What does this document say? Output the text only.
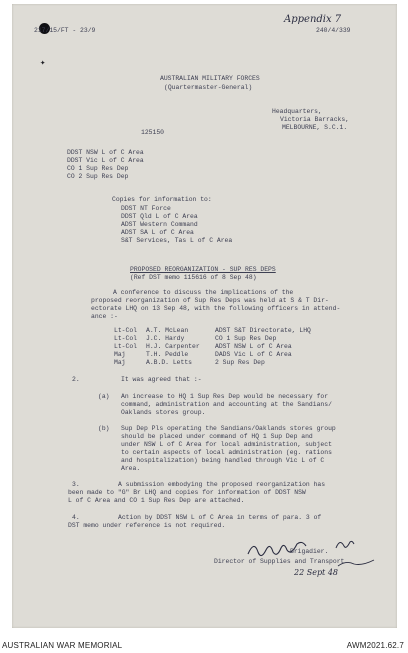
✦
Appendix 7
217/15/FT - 23/9	240/4/339
AUSTRALIAN MILITARY FORCES
(Quartermaster-General)
Headquarters,
Victoria Barracks,
MELBOURNE, S.C.1.
125150
DDST NSW L of C Area
DDST Vic L of C Area
CO 1 Sup Res Dep
CO 2 Sup Res Dep
Copies for information to:
DDST NT Force
DDST Qld L of C Area
ADST Western Command
ADST SA L of C Area
S&T Services, Tas L of C Area
PROPOSED REORGANIZATION - SUP RES DEPS
(Ref DST memo 115616 of 8 Sep 48)
A conference to discuss the implications of the
proposed reorganization of Sup Res Deps was held at S & T Dir-
ectorate LHQ on 13 Sep 48, with the following officers in attend-
ance :-
Lt-Col A.T. McLean	ADST S&T Directorate, LHQ
Lt-Col J.C. Hardy	CO 1 Sup Res Dep
Lt-Col H.J. Carpenter ADST NSW L of C Area
Maj	T.H. Peddle	DADS Vic L of C Area
Maj	A.B.D. Letts	2 Sup Res Dep
2.	It was agreed that :-
(a) An increase to HQ 1 Sup Res Dep would be necessary for
command, administration and accounting at the Sandians/
Oaklands stores group.
(b) Sup Dep Pls operating the Sandians/Oaklands stores group
should be placed under command of HQ 1 Sup Dep and
under NSW L of C Area for local administration, subject
to certain aspects of local administration (eg. rations
and hospitalization) being handled through Vic L of C
Area.
3.	A submission embodying the proposed reorganization has
been made to "G" Br LHQ and copies for information of DDST NSW
L of C Area and CO 1 Sup Res Dep are attached.
4.	Action by DDST NSW L of C Area in terms of para. 3 of
DST memo under reference is not required.
Brigadier.
Director of Supplies and Transport.
22 Sept 48
AUSTRALIAN WAR MEMORIAL	AWM2021.62.7
